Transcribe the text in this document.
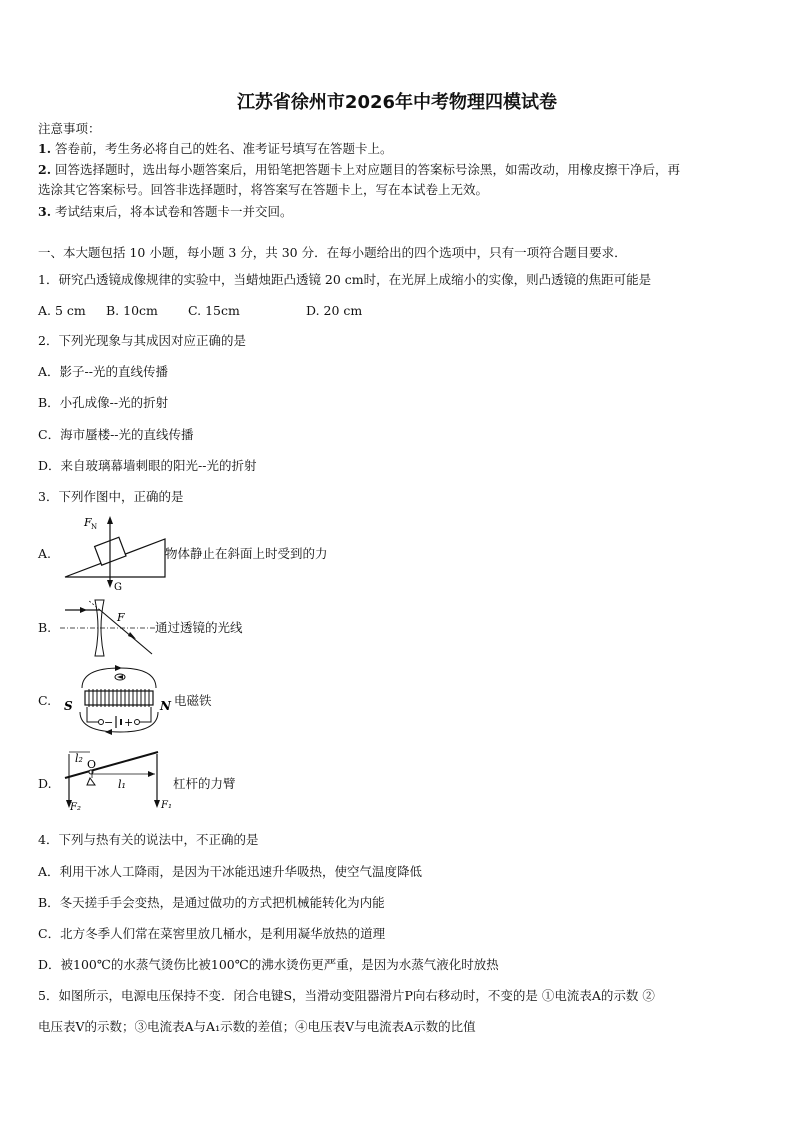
江苏省徐州市2026年中考物理四模试卷
注意事项：
1. 答卷前，考生务必将自己的姓名、准考证号填写在答题卡上。
2. 回答选择题时，选出每小题答案后，用铅笔把答题卡上对应题目的答案标号涂黑，如需改动，用橡皮擦干净后，再
选涂其它答案标号。回答非选择题时，将答案写在答题卡上，写在本试卷上无效。
3. 考试结束后，将本试卷和答题卡一并交回。
一、本大题包括 10 小题，每小题 3 分，共 30 分．在每小题给出的四个选项中，只有一项符合题目要求．
1．研究凸透镜成像规律的实验中，当蜡烛距凸透镜 20 cm时，在光屏上成缩小的实像，则凸透镜的焦距可能是
A. 5 cm B. 10cm C. 15cm	D. 20 cm
2．下列光现象与其成因对应正确的是
A．影子--光的直线传播
B．小孔成像--光的折射
C．海市蜃楼--光的直线传播
D．来自玻璃幕墙刺眼的阳光--光的折射
3．下列作图中，正确的是
A.
F N
G
物体静止在斜面上时受到的力
B.
F
通过透镜的光线
C.
− +
S	N 电磁铁
D.
l₂ O
l₁
F₂	F₁
杠杆的力臂
4．下列与热有关的说法中，不正确的是
A．利用干冰人工降雨，是因为干冰能迅速升华吸热，使空气温度降低
B．冬天搓手手会变热，是通过做功的方式把机械能转化为内能
C．北方冬季人们常在菜窖里放几桶水，是利用凝华放热的道理
D．被100℃的水蒸气烫伤比被100℃的沸水烫伤更严重，是因为水蒸气液化时放热
5．如图所示，电源电压保持不变．闭合电键S，当滑动变阻器滑片P向右移动时，不变的是 ①电流表A的示数 ②
电压表V的示数；③电流表A与A₁示数的差值；④电压表V与电流表A示数的比值
